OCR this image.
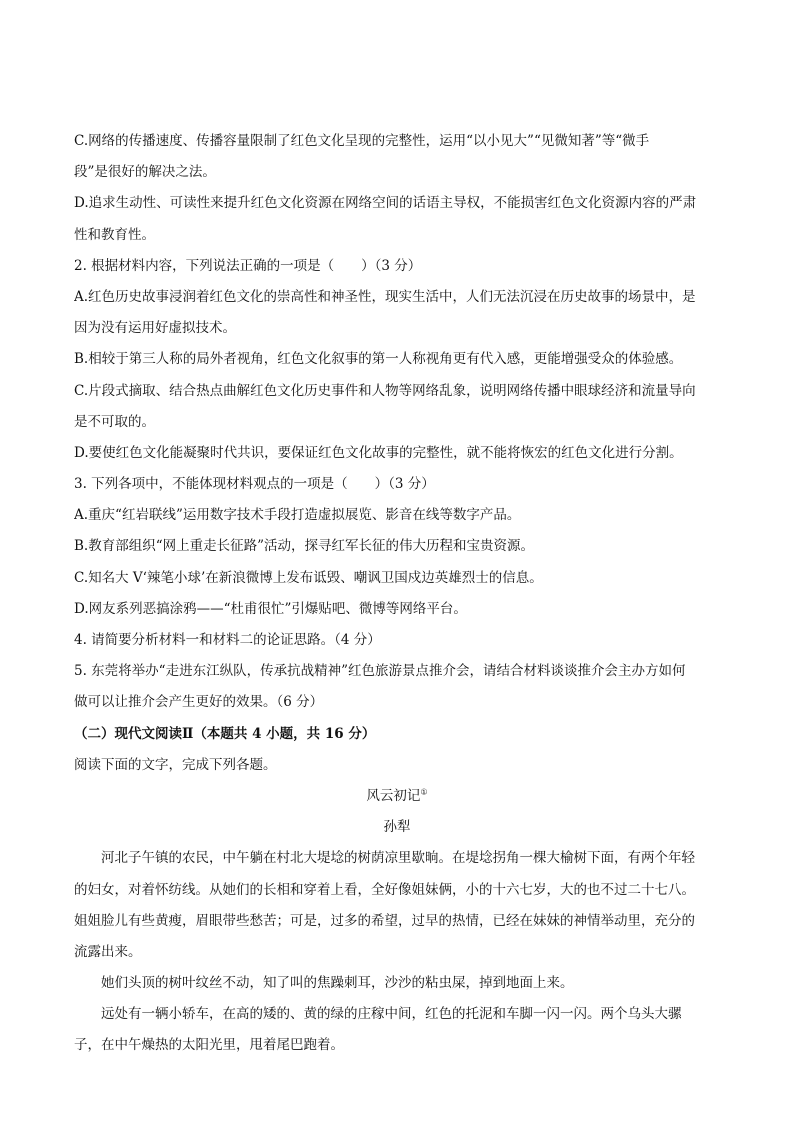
C.网络的传播速度、传播容量限制了红色文化呈现的完整性，运用“以小见大”“见微知著”等“微手
段”是很好的解决之法。
D.追求生动性、可读性来提升红色文化资源在网络空间的话语主导权，不能损害红色文化资源内容的严肃
性和教育性。
2. 根据材料内容，下列说法正确的一项是（　　）（3 分）
A.红色历史故事浸润着红色文化的崇高性和神圣性，现实生活中，人们无法沉浸在历史故事的场景中，是
因为没有运用好虚拟技术。
B.相较于第三人称的局外者视角，红色文化叙事的第一人称视角更有代入感，更能增强受众的体验感。
C.片段式摘取、结合热点曲解红色文化历史事件和人物等网络乱象，说明网络传播中眼球经济和流量导向
是不可取的。
D.要使红色文化能凝聚时代共识，要保证红色文化故事的完整性，就不能将恢宏的红色文化进行分割。
3. 下列各项中，不能体现材料观点的一项是（　　）（3 分）
A.重庆“红岩联线”运用数字技术手段打造虚拟展览、影音在线等数字产品。
B.教育部组织“网上重走长征路”活动，探寻红军长征的伟大历程和宝贵资源。
C.知名大 V‘辣笔小球’在新浪微博上发布诋毁、嘲讽卫国戍边英雄烈士的信息。
D.网友系列恶搞涂鸦——“杜甫很忙”引爆贴吧、微博等网络平台。
4. 请简要分析材料一和材料二的论证思路。（4 分）
5. 东莞将举办“走进东江纵队，传承抗战精神”红色旅游景点推介会，请结合材料谈谈推介会主办方如何
做可以让推介会产生更好的效果。（6 分）
（二）现代文阅读Ⅱ（本题共 4 小题，共 16 分）
阅读下面的文字，完成下列各题。
风云初记①
孙犁
河北子午镇的农民，中午躺在村北大堤埝的树荫凉里歇晌。在堤埝拐角一棵大榆树下面，有两个年轻
的妇女，对着怀纺线。从她们的长相和穿着上看，全好像姐妹俩，小的十六七岁，大的也不过二十七八。
姐姐脸儿有些黄瘦，眉眼带些愁苦；可是，过多的希望，过早的热情，已经在妹妹的神情举动里，充分的
流露出来。
她们头顶的树叶纹丝不动，知了叫的焦躁刺耳，沙沙的粘虫屎，掉到地面上来。
远处有一辆小轿车，在高的矮的、黄的绿的庄稼中间，红色的托泥和车脚一闪一闪。两个乌头大骡
子，在中午燥热的太阳光里，甩着尾巴跑着。
